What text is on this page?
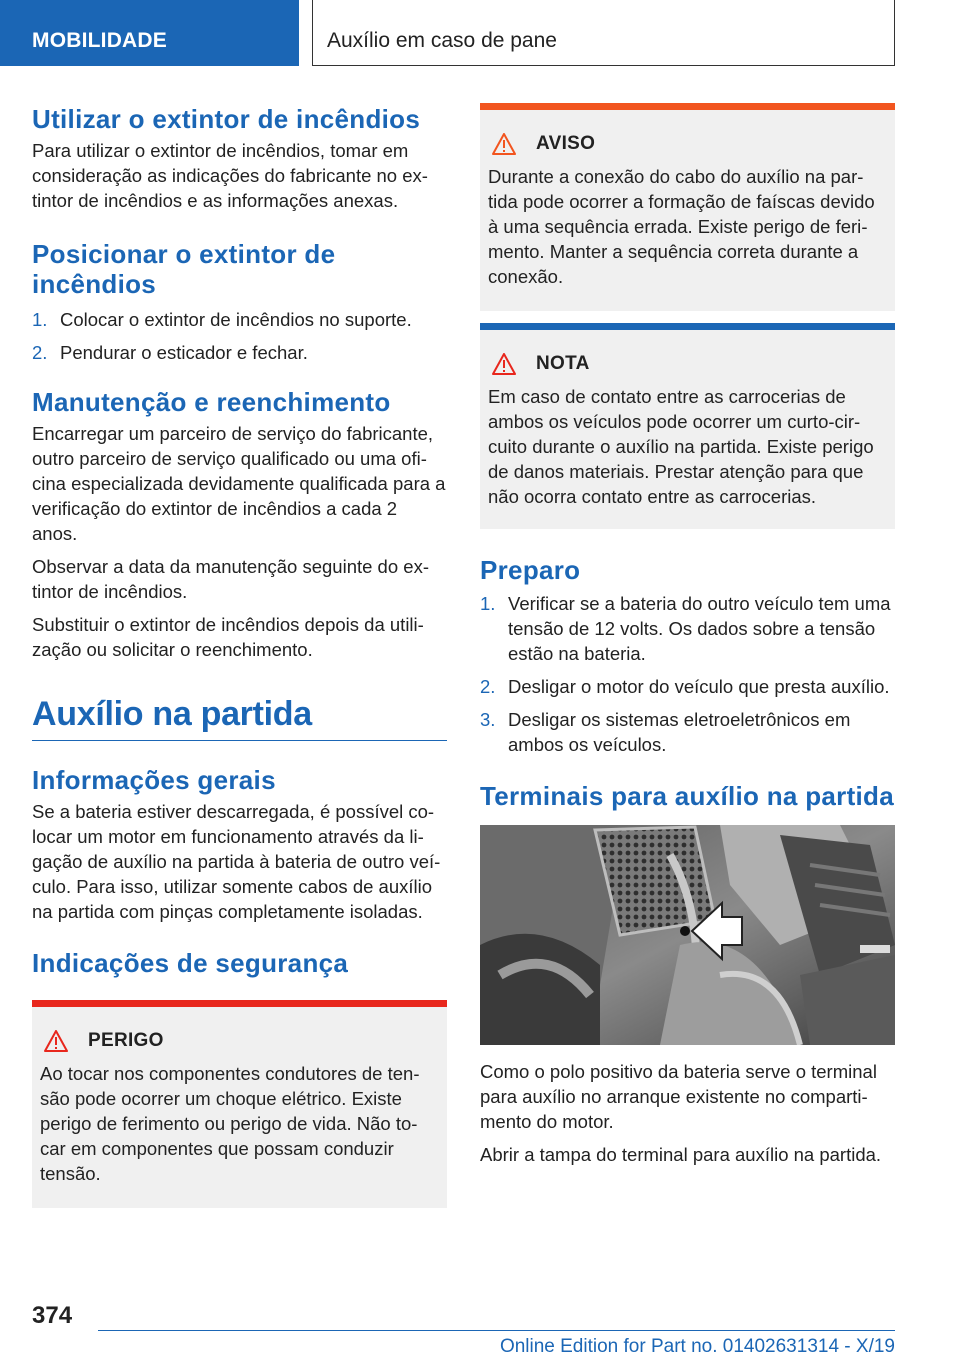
MOBILIDADE	Auxílio em caso de pane
Utilizar o extintor de incêndios

Para utilizar o extintor de incêndios, tomar em consideração as indicações do fabricante no extintor de incêndios e as informações anexas.

Posicionar o extintor de incêndios
1. Colocar o extintor de incêndios no suporte.
2. Pendurar o esticador e fechar.
Manutenção e reenchimento

Encarregar um parceiro de serviço do fabricante, outro parceiro de serviço qualificado ou uma oficina especializada devidamente qualificada para a verificação do extintor de incêndios a cada 2 anos.

Observar a data da manutenção seguinte do extintor de incêndios.

Substituir o extintor de incêndios depois da utilização ou solicitar o reenchimento.

Auxílio na partida
Informações gerais

Se a bateria estiver descarregada, é possível colocar um motor em funcionamento através da ligação de auxílio na partida à bateria de outro veículo. Para isso, utilizar somente cabos de auxílio na partida com pinças completamente isoladas.

Indicações de segurança
PERIGO

Ao tocar nos componentes condutores de tensão pode ocorrer um choque elétrico. Existe perigo de ferimento ou perigo de vida. Não tocar em componentes que possam conduzir tensão.

AVISO

Durante a conexão do cabo do auxílio na partida pode ocorrer a formação de faíscas devido à uma sequência errada. Existe perigo de ferimento. Manter a sequência correta durante a conexão.

NOTA

Em caso de contato entre as carrocerias de ambos os veículos pode ocorrer um curto-circuito durante o auxílio na partida. Existe perigo de danos materiais. Prestar atenção para que não ocorra contato entre as carrocerias.

Preparo
1. Verificar se a bateria do outro veículo tem uma tensão de 12 volts. Os dados sobre a tensão estão na bateria.
2. Desligar o motor do veículo que presta auxílio.
3. Desligar os sistemas eletroeletrônicos em ambos os veículos.
Terminais para auxílio na partida

Como o polo positivo da bateria serve o terminal para auxílio no arranque existente no compartimento do motor.

Abrir a tampa do terminal para auxílio na partida.

374
Online Edition for Part no. 01402631314 - X/19
